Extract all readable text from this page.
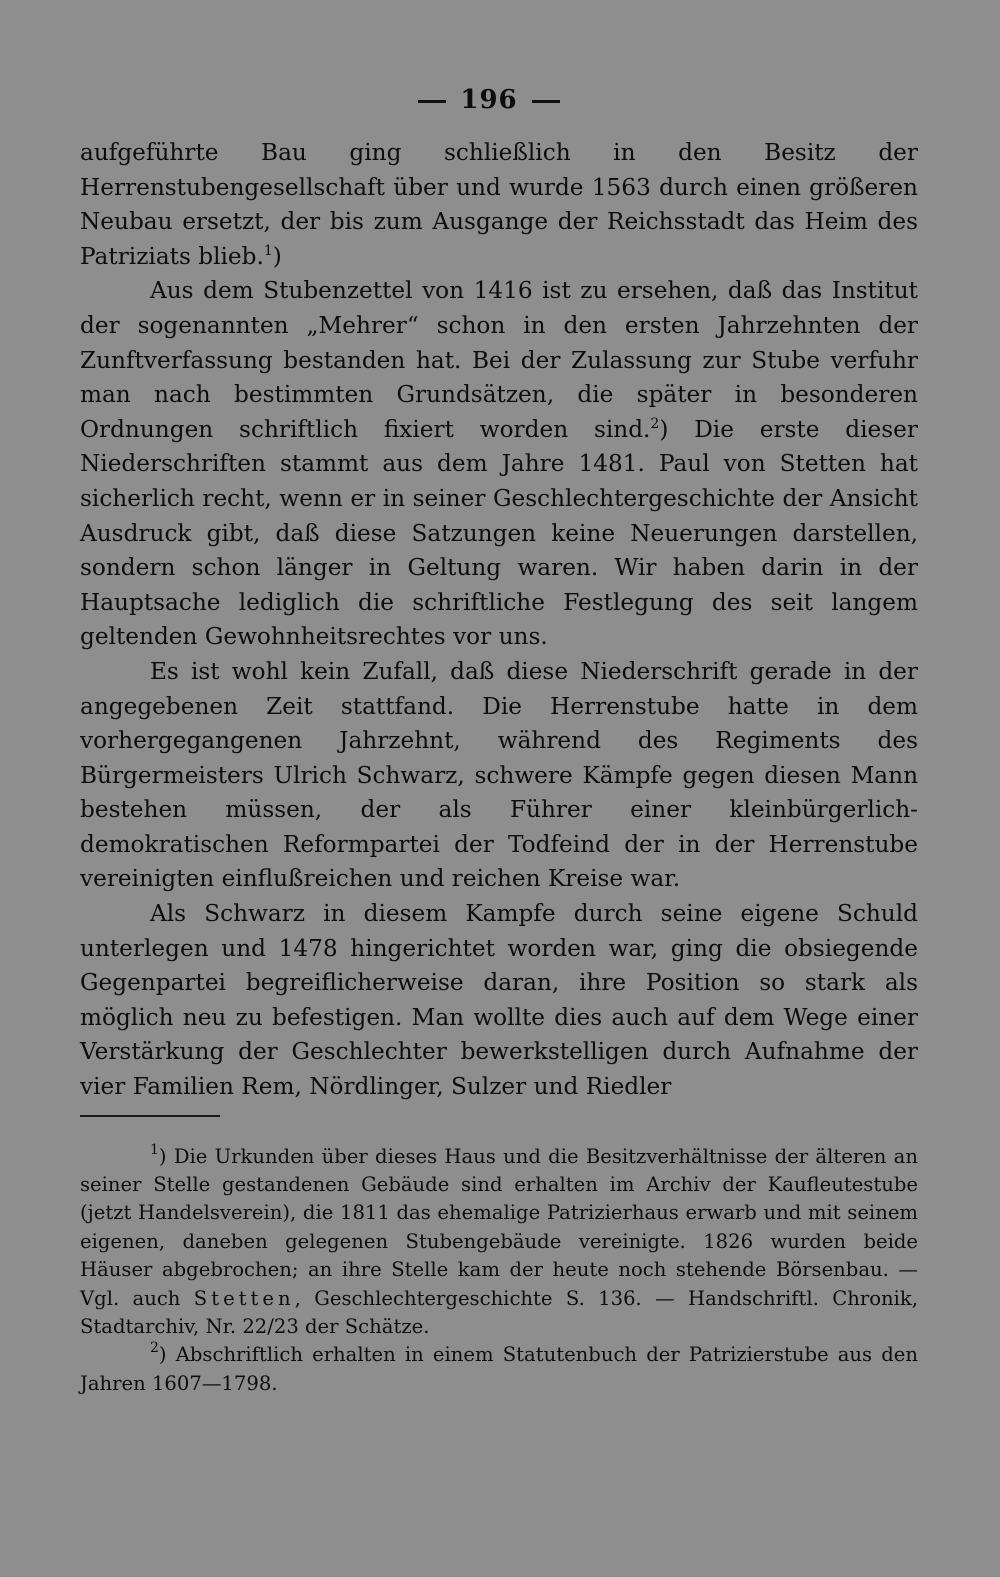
196

aufgeführte Bau ging schließlich in den Besitz der Herrenstubengesellschaft über und wurde 1563 durch einen größeren Neubau ersetzt, der bis zum Ausgange der Reichsstadt das Heim des Patriziats blieb.$^1$)

Aus dem Stubenzettel von 1416 ist zu ersehen, daß das Institut der sogenannten „Mehrer“ schon in den ersten Jahrzehnten der Zunftverfassung bestanden hat. Bei der Zulassung zur Stube verfuhr man nach bestimmten Grundsätzen, die später in besonderen Ordnungen schriftlich fixiert worden sind.$^2$) Die erste dieser Niederschriften stammt aus dem Jahre 1481. Paul von Stetten hat sicherlich recht, wenn er in seiner Geschlechtergeschichte der Ansicht Ausdruck gibt, daß diese Satzungen keine Neuerungen darstellen, sondern schon länger in Geltung waren. Wir haben darin in der Hauptsache lediglich die schriftliche Festlegung des seit langem geltenden Gewohnheitsrechtes vor uns.

Es ist wohl kein Zufall, daß diese Niederschrift gerade in der angegebenen Zeit stattfand. Die Herrenstube hatte in dem vorhergegangenen Jahrzehnt, während des Regiments des Bürgermeisters Ulrich Schwarz, schwere Kämpfe gegen diesen Mann bestehen müssen, der als Führer einer kleinbürgerlich-demokratischen Reformpartei der Todfeind der in der Herrenstube vereinigten einflußreichen und reichen Kreise war.

Als Schwarz in diesem Kampfe durch seine eigene Schuld unterlegen und 1478 hingerichtet worden war, ging die obsiegende Gegenpartei begreiflicherweise daran, ihre Position so stark als möglich neu zu befestigen. Man wollte dies auch auf dem Wege einer Verstärkung der Geschlechter bewerkstelligen durch Aufnahme der vier Familien Rem, Nördlinger, Sulzer und Riedler

$^1$) Die Urkunden über dieses Haus und die Besitzverhältnisse der älteren an seiner Stelle gestandenen Gebäude sind erhalten im Archiv der Kaufleutestube (jetzt Handelsverein), die 1811 das ehemalige Patrizierhaus erwarb und mit seinem eigenen, daneben gelegenen Stubengebäude vereinigte. 1826 wurden beide Häuser abgebrochen; an ihre Stelle kam der heute noch stehende Börsenbau. — Vgl. auch Stetten, Geschlechtergeschichte S. 136. — Handschriftl. Chronik, Stadtarchiv, Nr. 22/23 der Schätze.

$^2$) Abschriftlich erhalten in einem Statutenbuch der Patrizierstube aus den Jahren 1607—1798.
